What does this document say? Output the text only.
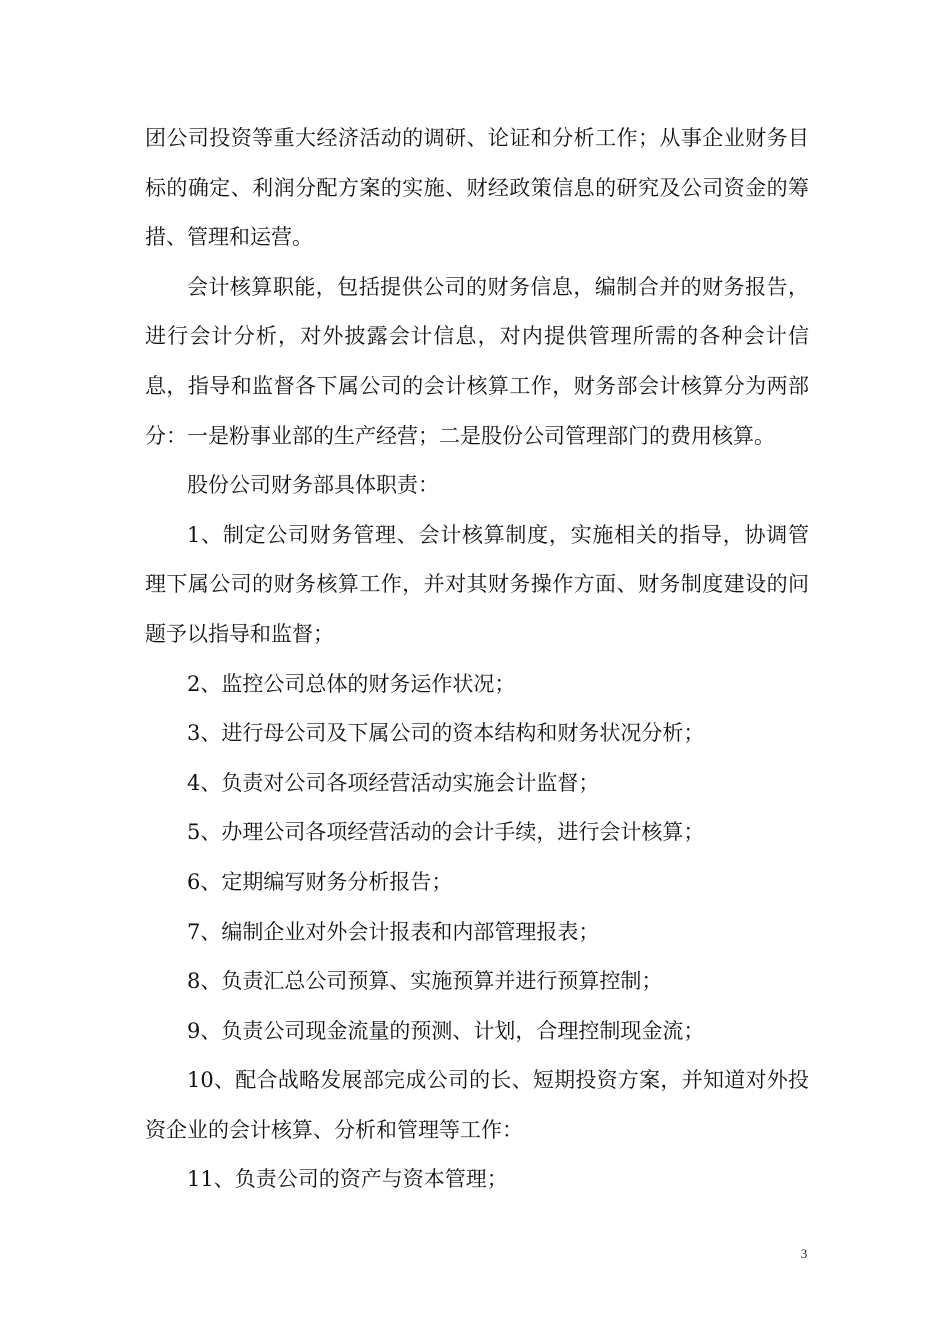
团公司投资等重大经济活动的调研、论证和分析工作；从事企业财务目标的确定、利润分配方案的实施、财经政策信息的研究及公司资金的筹措、管理和运营。

会计核算职能，包括提供公司的财务信息，编制合并的财务报告，进行会计分析，对外披露会计信息，对内提供管理所需的各种会计信息，指导和监督各下属公司的会计核算工作，财务部会计核算分为两部分：一是粉事业部的生产经营；二是股份公司管理部门的费用核算。

股份公司财务部具体职责：

1、制定公司财务管理、会计核算制度，实施相关的指导，协调管理下属公司的财务核算工作，并对其财务操作方面、财务制度建设的问题予以指导和监督；

2、监控公司总体的财务运作状况；

3、进行母公司及下属公司的资本结构和财务状况分析；

4、负责对公司各项经营活动实施会计监督；

5、办理公司各项经营活动的会计手续，进行会计核算；

6、定期编写财务分析报告；

7、编制企业对外会计报表和内部管理报表；

8、负责汇总公司预算、实施预算并进行预算控制；

9、负责公司现金流量的预测、计划，合理控制现金流；

10、配合战略发展部完成公司的长、短期投资方案，并知道对外投资企业的会计核算、分析和管理等工作：

11、负责公司的资产与资本管理；

3
